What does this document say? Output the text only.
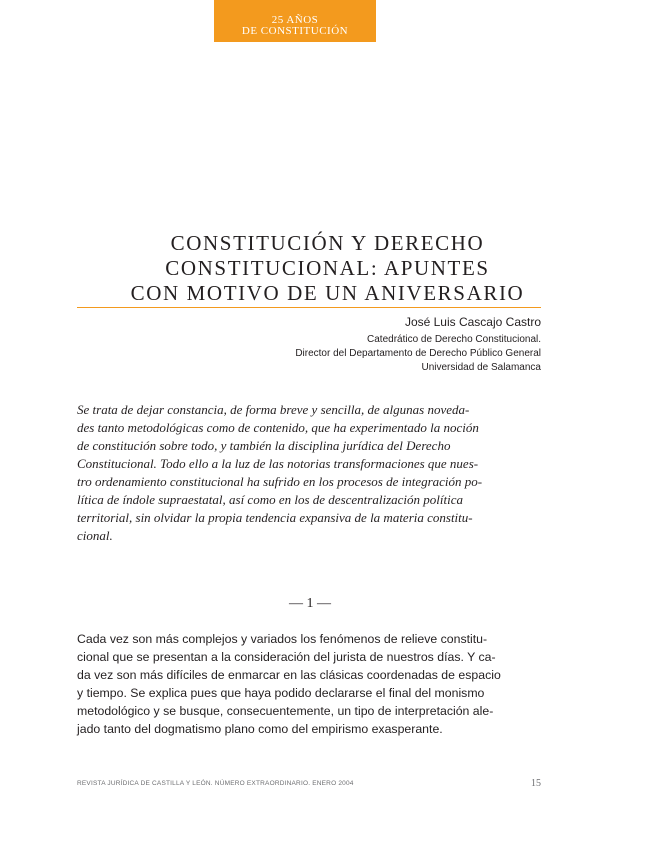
25 AÑOS
DE CONSTITUCIÓN
CONSTITUCIÓN Y DERECHO
CONSTITUCIONAL: APUNTES
CON MOTIVO DE UN ANIVERSARIO
José Luis Cascajo Castro
Catedrático de Derecho Constitucional.
Director del Departamento de Derecho Público General
Universidad de Salamanca
Se trata de dejar constancia, de forma breve y sencilla, de algunas noveda-
des tanto metodológicas como de contenido, que ha experimentado la noción
de constitución sobre todo, y también la disciplina jurídica del Derecho
Constitucional. Todo ello a la luz de las notorias transformaciones que nues-
tro ordenamiento constitucional ha sufrido en los procesos de integración po-
lítica de índole supraestatal, así como en los de descentralización política
territorial, sin olvidar la propia tendencia expansiva de la materia constitu-
cional.
— 1 —
Cada vez son más complejos y variados los fenómenos de relieve constitu-
cional que se presentan a la consideración del jurista de nuestros días. Y ca-
da vez son más difíciles de enmarcar en las clásicas coordenadas de espacio
y tiempo. Se explica pues que haya podido declararse el final del monismo
metodológico y se busque, consecuentemente, un tipo de interpretación ale-
jado tanto del dogmatismo plano como del empirismo exasperante.
REVISTA JURÍDICA DE CASTILLA Y LEÓN. NÚMERO EXTRAORDINARIO. ENERO 2004	15
